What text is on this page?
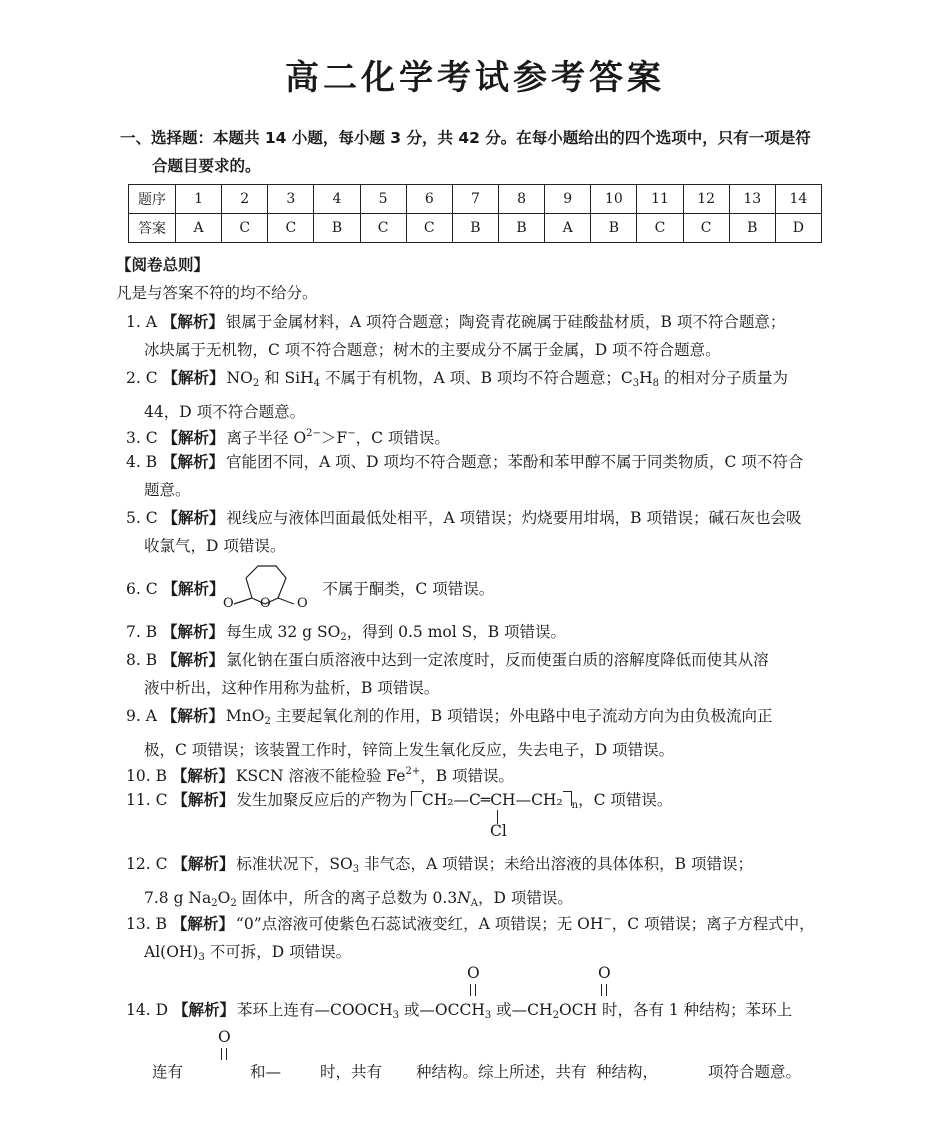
高二化学考试参考答案
一、选择题：本题共 14 小题，每小题 3 分，共 42 分。在每小题给出的四个选项中，只有一项是符
合题目要求的。
题序	1	2	3	4	5	6	7	8	9	10	11	12	13	14
答案	A	C	C	B	C	C	B	B	A	B	C	C	B	D
【阅卷总则】
凡是与答案不符的均不给分。
1. A 【解析】 银属于金属材料，A 项符合题意；陶瓷青花碗属于硅酸盐材质，B 项不符合题意；
冰块属于无机物，C 项不符合题意；树木的主要成分不属于金属，D 项不符合题意。
2. C 【解析】 $NO_2$ 和 SiH$_4$ 不属于有机物，A 项、B 项均不符合题意；$C_3H_8$ 的相对分子质量为
44，D 项不符合题意。
3. C 【解析】 离子半径 $O^{2-}>F^-$，C 项错误。
4. B 【解析】 官能团不同，A 项、D 项均不符合题意；苯酚和苯甲醇不属于同类物质，C 项不符合
题意。
5. C 【解析】 视线应与液体凹面最低处相平，A 项错误；灼烧要用坩埚，B 项错误；碱石灰也会吸
收氯气，D 项错误。
6. C 【解析】	不属于酮类，C 项错误。
O O O
7. B 【解析】 每生成 32 g $SO_2$，得到 0.5 mol S，B 项错误。
8. B 【解析】 氯化钠在蛋白质溶液中达到一定浓度时，反而使蛋白质的溶解度降低而使其从溶
液中析出，这种作用称为盐析，B 项错误。
9. A 【解析】 MnO$_2$ 主要起氧化剂的作用，B 项错误；外电路中电子流动方向为由负极流向正
极，C 项错误；该装置工作时，锌筒上发生氧化反应，失去电子，D 项错误。
10. B 【解析】 KSCN 溶液不能检验 $Fe^{2+}$，B 项错误。
11. C 【解析】 发生加聚反应后的产物为 CH₂—C═CH—CH₂ $_n$，C 项错误。
Cl
12. C 【解析】 标准状况下，$SO_3$ 非气态，A 项错误；未给出溶液的具体体积，B 项错误；
7.8 g $Na_2O_2$ 固体中，所含的离子总数为 $0.3N_A$，D 项错误。
13. B 【解析】 “0”点溶液可使紫色石蕊试液变红，A 项错误；无 OH−，C 项错误；离子方程式中，
$Al(OH)_3$ 不可拆，D 项错误。
O	O
14. D 【解析】 苯环上连有$—COOCH_3$ 或$—OCCH_3$ 或$—CH_2OCH$ 时，各有 1 种结构；苯环上
O
连有	和—	时，共有 种结构。综上所述，共有 种结构，	项符合题意。
